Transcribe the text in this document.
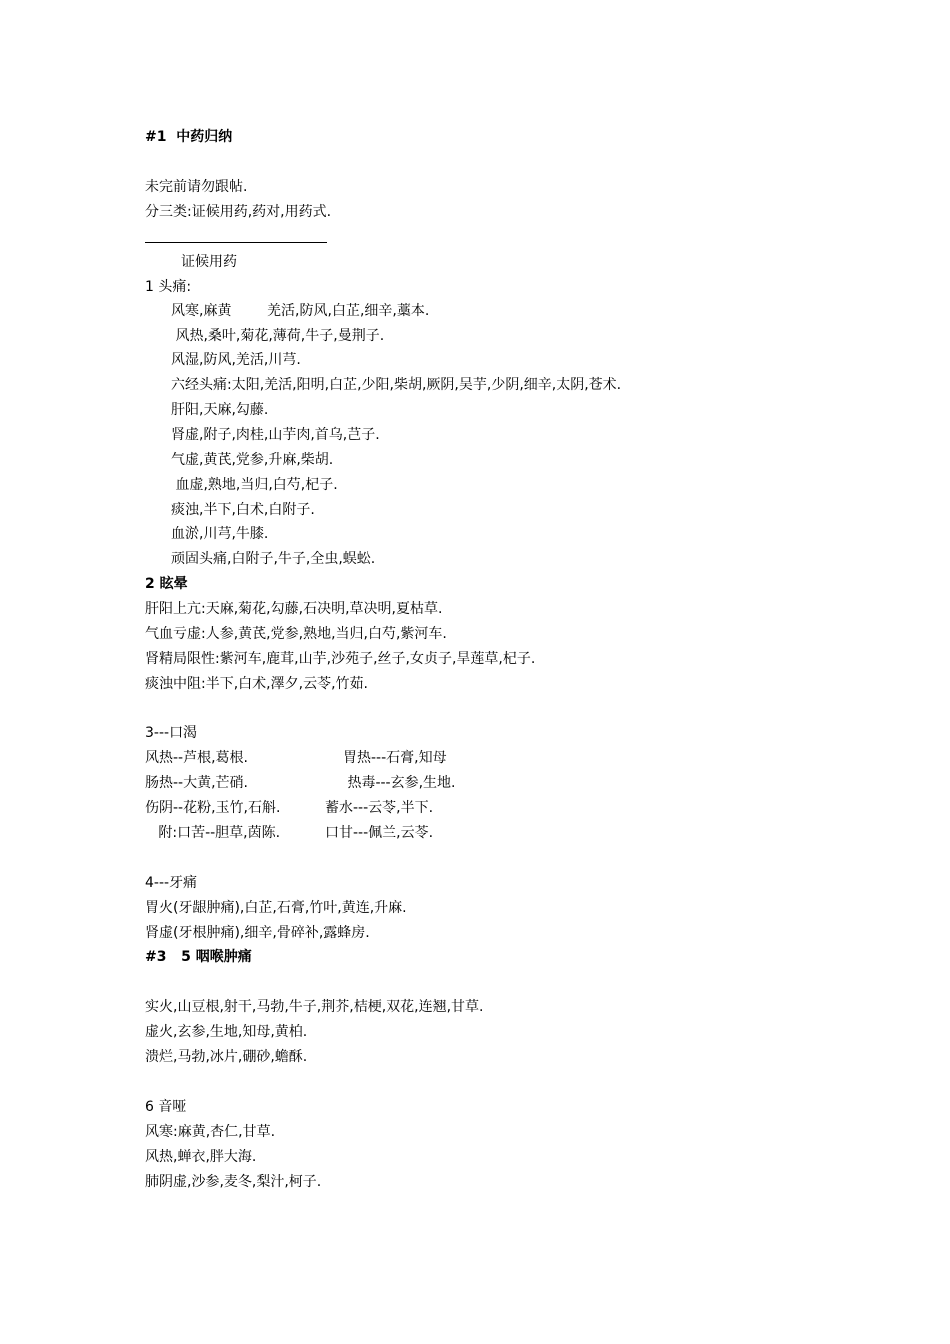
#1 中药归纳
未完前请勿跟帖.
分三类:证候用药,药对,用药式.
证候用药
1 头痛:
风寒,麻黄        羌活,防风,白芷,细辛,藁本.
风热,桑叶,菊花,薄荷,牛子,曼荆子.
风湿,防风,羌活,川芎.
六经头痛:太阳,羌活,阳明,白芷,少阳,柴胡,厥阴,吴芋,少阴,细辛,太阴,苍术.
肝阳,天麻,勾藤.
肾虚,附子,肉桂,山芋肉,首乌,芑子.
气虚,黄芪,党参,升麻,柴胡.
血虚,熟地,当归,白芍,杞子.
痰浊,半下,白术,白附子.
血淤,川芎,牛膝.
顽固头痛,白附子,牛子,全虫,蜈蚣.
2 眩晕
肝阳上亢:天麻,菊花,勾藤,石决明,草决明,夏枯草.
气血亏虚:人参,黄芪,党参,熟地,当归,白芍,紫河车.
肾精局限性:紫河车,鹿茸,山芋,沙苑子,丝子,女贞子,旱莲草,杞子.
痰浊中阻:半下,白术,澤夕,云苓,竹茹.
3---口渴
风热--芦根,葛根.	胃热---石膏,知母
肠热--大黄,芒硝.	热毒---玄参,生地.
伤阴--花粉,玉竹,石斛.	蓄水---云苓,半下.
附:口苦--胆草,茵陈.	口甘---佩兰,云苓.
4---牙痛
胃火(牙龈肿痛),白芷,石膏,竹叶,黄连,升麻.
肾虚(牙根肿痛),细辛,骨碎补,露蜂房.
#3   5 咽喉肿痛
实火,山豆根,射干,马勃,牛子,荆芥,桔梗,双花,连翘,甘草.
虚火,玄参,生地,知母,黄柏.
溃烂,马勃,冰片,硼砂,蟾酥.
6 音哑
风寒:麻黄,杏仁,甘草.
风热,蝉衣,胖大海.
肺阴虚,沙参,麦冬,梨汁,柯子.
